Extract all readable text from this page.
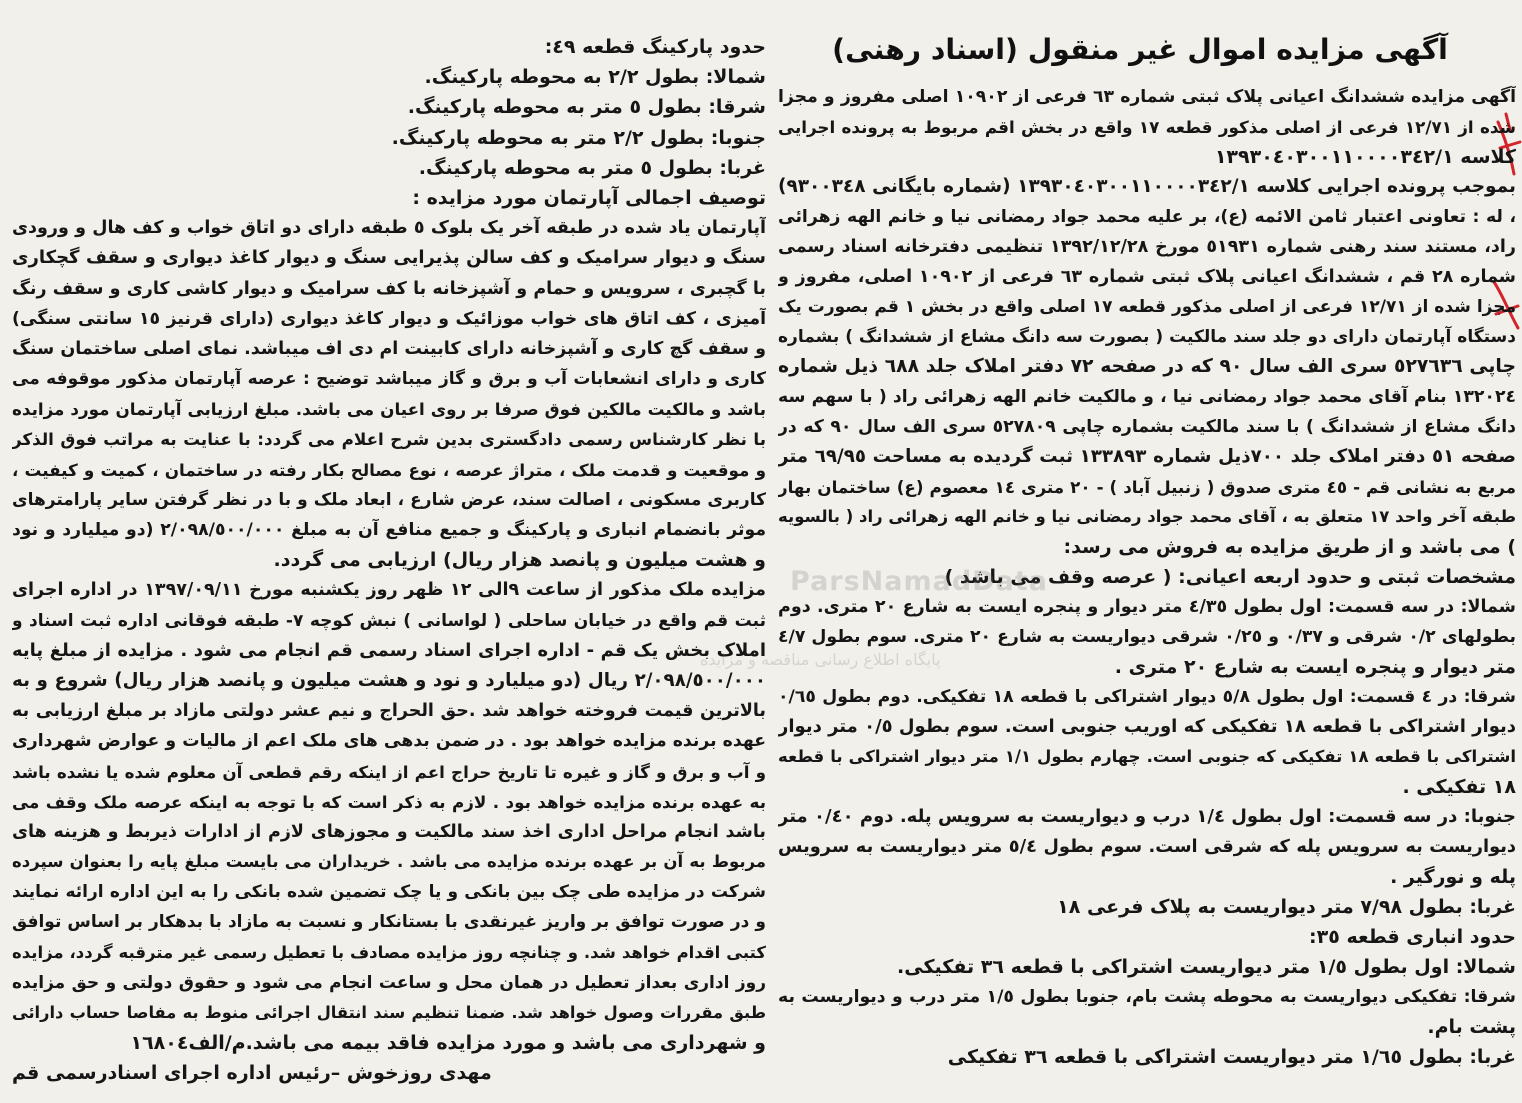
آگهی مزایده اموال غیر منقول (اسناد رهنی)
آگهی مزایده ششدانگ اعیانی پلاک ثبتی شماره ٦٣ فرعی از ١٠٩٠٢ اصلی مفروز و مجزا
شده از ١٢/٧١ فرعی از اصلی مذکور قطعه ١٧ واقع در بخش اقم مربوط به پرونده اجرایی
کلاسه ١٣٩٣٠٤٠٣٠٠١١٠٠٠٠٣٤٢/١
بموجب پرونده اجرایی کلاسه ١٣٩٣٠٤٠٣٠٠١١٠٠٠٠٣٤٢/١ (شماره بایگانی ٩٣٠٠٣٤٨)
، له : تعاونی اعتبار ثامن الائمه (ع)، بر علیه محمد جواد رمضانی نیا و خانم الهه زهرائی
راد، مستند سند رهنی شماره ٥١٩٣١ مورخ ١٣٩٢/١٢/٢٨ تنظیمی دفترخانه اسناد رسمی
شماره ٢٨ قم ، ششدانگ اعیانی پلاک ثبتی شماره ٦٣ فرعی از ١٠٩٠٢ اصلی، مفروز و
مجزا شده از ١٢/٧١ فرعی از اصلی مذکور قطعه ١٧ اصلی واقع در بخش ١ قم بصورت یک
دستگاه آپارتمان دارای دو جلد سند مالکیت ( بصورت سه دانگ مشاع از ششدانگ ) بشماره
چاپی ٥٢٧٦٣٦ سری الف سال ٩٠ که در صفحه ٧٢ دفتر املاک جلد ٦٨٨ ذیل شماره
١٣٢٠٢٤ بنام آقای محمد جواد رمضانی نیا ، و مالکیت خانم الهه زهرائی راد ( با سهم سه
دانگ مشاع از ششدانگ ) با سند مالکیت بشماره چاپی ٥٢٧٨٠٩ سری الف سال ٩٠ که در
صفحه ٥١ دفتر املاک جلد ٧٠٠ذیل شماره ١٣٣٨٩٣ ثبت گردیده به مساحت ٦٩/٩٥ متر
مربع به نشانی قم - ٤٥ متری صدوق ( زنبیل آباد ) - ٢٠ متری ١٤ معصوم (ع) ساختمان بهار
طبقه آخر واحد ١٧ متعلق به ، آقای محمد جواد رمضانی نیا و خانم الهه زهرائی راد ( بالسویه
) می باشد و از طریق مزایده به فروش می رسد:
مشخصات ثبتی و حدود اربعه اعیانی: ( عرصه وقف می باشد )
شمالا: در سه قسمت: اول بطول ٤/٣٥ متر دیوار و پنجره ایست به شارع ٢٠ متری. دوم
بطولهای ٠/٢ شرقی و ٠/٣٧ و ٠/٢٥ شرقی دیواریست به شارع ٢٠ متری. سوم بطول ٤/٧
متر دیوار و پنجره ایست به شارع ٢٠ متری .
شرقا: در ٤ قسمت: اول بطول ٥/٨ دیوار اشتراکی با قطعه ١٨ تفکیکی. دوم بطول ٠/٦٥
دیوار اشتراکی با قطعه ١٨ تفکیکی که اوریب جنوبی است. سوم بطول ٠/٥ متر دیوار
اشتراکی با قطعه ١٨ تفکیکی که جنوبی است. چهارم بطول ١/١ متر دیوار اشتراکی با قطعه
١٨ تفکیکی .
جنوبا: در سه قسمت: اول بطول ١/٤ درب و دیواریست به سرویس پله. دوم ٠/٤٠ متر
دیواریست به سرویس پله که شرقی است. سوم بطول ٥/٤ متر دیواریست به سرویس
پله و نورگیر .
غربا: بطول ٧/٩٨ متر دیواریست به پلاک فرعی ١٨
حدود انباری قطعه ٣٥:
شمالا: اول بطول ١/٥ متر دیواریست اشتراکی با قطعه ٣٦ تفکیکی.
شرقا: تفکیکی دیواریست به محوطه پشت بام، جنوبا بطول ١/٥ متر درب و دیواریست به
پشت بام.
غربا: بطول ١/٦٥ متر دیواریست اشتراکی با قطعه ٣٦ تفکیکی
حدود پارکینگ قطعه ٤٩:
شمالا: بطول ٢/٢ به محوطه پارکینگ.
شرقا: بطول ٥ متر به محوطه پارکینگ.
جنوبا: بطول ٢/٢ متر به محوطه پارکینگ.
غربا: بطول ٥ متر به محوطه پارکینگ.
توصیف اجمالی آپارتمان مورد مزایده :
آپارتمان یاد شده در طبقه آخر یک بلوک ٥ طبقه دارای دو اتاق خواب و کف هال و ورودی
سنگ و دیوار سرامیک و کف سالن پذیرایی سنگ و دیوار کاغذ دیواری و سقف گچکاری
با گچبری ، سرویس و حمام و آشپزخانه با کف سرامیک و دیوار کاشی کاری و سقف رنگ
آمیزی ، کف اتاق های خواب موزائیک و دیوار کاغذ دیواری (دارای قرنیز ١٥ سانتی سنگی)
و سقف گچ کاری و آشپزخانه دارای کابینت ام دی اف میباشد. نمای اصلی ساختمان سنگ
کاری و دارای انشعابات آب و برق و گاز میباشد توضیح : عرصه آپارتمان مذکور موقوفه می
باشد و مالکیت مالکین فوق صرفا بر روی اعیان می باشد. مبلغ ارزیابی آپارتمان مورد مزایده
با نظر کارشناس رسمی دادگستری بدین شرح اعلام می گردد: با عنایت به مراتب فوق الذکر
و موقعیت و قدمت ملک ، متراژ عرصه ، نوع مصالح بکار رفته در ساختمان ، کمیت و کیفیت ،
کاربری مسکونی ، اصالت سند، عرض شارع ، ابعاد ملک و با در نظر گرفتن سایر پارامترهای
موثر بانضمام انباری و پارکینگ و جمیع منافع آن به مبلغ ٢/٠٩٨/٥٠٠/٠٠٠ (دو میلیارد و نود
و هشت میلیون و پانصد هزار ریال) ارزیابی می گردد.
مزایده ملک مذکور از ساعت ٩الی ١٢ ظهر روز یکشنبه مورخ ١٣٩٧/٠٩/١١ در اداره اجرای
ثبت قم واقع در خیابان ساحلی ( لواسانی ) نبش کوچه ٧- طبقه فوقانی اداره ثبت اسناد و
املاک بخش یک قم - اداره اجرای اسناد رسمی قم انجام می شود . مزایده از مبلغ پایه
٢/٠٩٨/٥٠٠/٠٠٠ ریال (دو میلیارد و نود و هشت میلیون و پانصد هزار ریال) شروع و به
بالاترین قیمت فروخته خواهد شد .حق الحراج و نیم عشر دولتی مازاد بر مبلغ ارزیابی به
عهده برنده مزایده خواهد بود . در ضمن بدهی های ملک اعم از مالیات و عوارض شهرداری
و آب و برق و گاز و غیره تا تاریخ حراج اعم از اینکه رقم قطعی آن معلوم شده یا نشده باشد
به عهده برنده مزایده خواهد بود . لازم به ذکر است که با توجه به اینکه عرصه ملک وقف می
باشد انجام مراحل اداری اخذ سند مالکیت و مجوزهای لازم از ادارات ذیربط و هزینه های
مربوط به آن بر عهده برنده مزایده می باشد . خریداران می بایست مبلغ پایه را بعنوان سپرده
شرکت در مزایده طی چک بین بانکی و یا چک تضمین شده بانکی را به این اداره ارائه نمایند
و در صورت توافق بر واریز غیرنقدی با بستانکار و نسبت به مازاد با بدهکار بر اساس توافق
کتبی اقدام خواهد شد. و چنانچه روز مزایده مصادف با تعطیل رسمی غیر مترقبه گردد، مزایده
روز اداری بعداز تعطیل در همان محل و ساعت انجام می شود و حقوق دولتی و حق مزایده
طبق مقررات وصول خواهد شد. ضمنا تنظیم سند انتقال اجرائی منوط به مفاصا حساب دارائی
و شهرداری می باشد و مورد مزایده فاقد بیمه می باشد.م/الف١٦٨٠٤
مهدی روزخوش –رئیس اداره اجرای اسنادرسمی قم
ParsNamadData
پایگاه اطلاع رسانی مناقصه و مزایده
